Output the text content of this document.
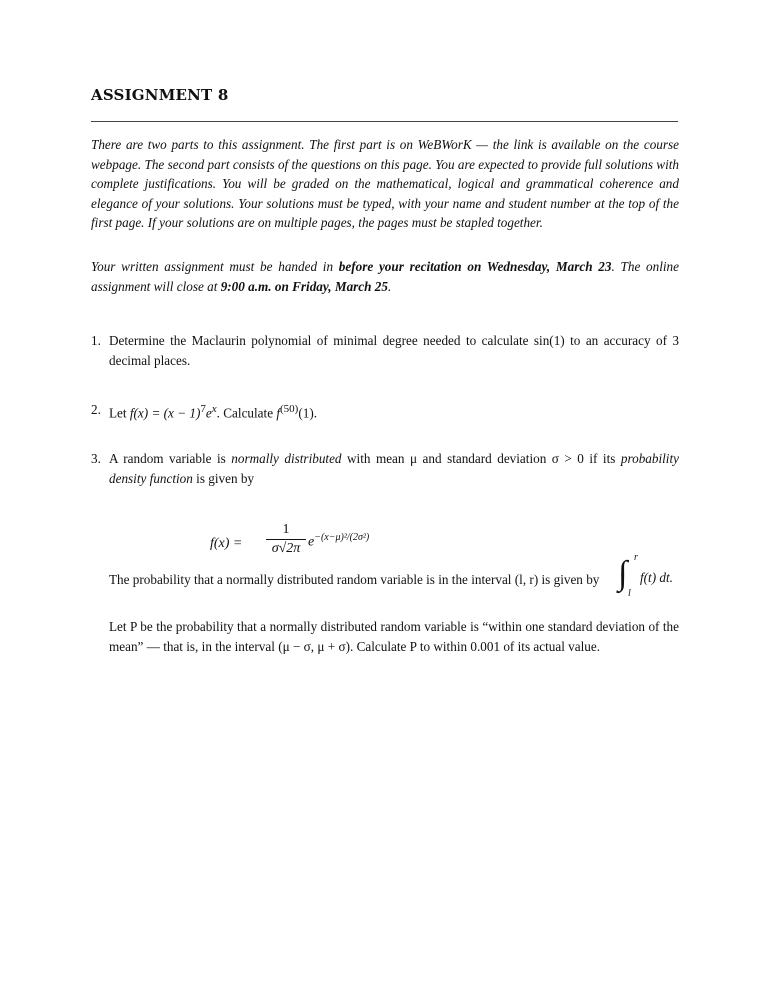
ASSIGNMENT 8

There are two parts to this assignment. The first part is on WeBWorK — the link is available on the course webpage. The second part consists of the questions on this page. You are expected to provide full solutions with complete justifications. You will be graded on the mathematical, logical and grammatical coherence and elegance of your solutions. Your solutions must be typed, with your name and student number at the top of the first page. If your solutions are on multiple pages, the pages must be stapled together.

Your written assignment must be handed in before your recitation on Wednesday, March 23. The online assignment will close at 9:00 a.m. on Friday, March 25.

1. Determine the Maclaurin polynomial of minimal degree needed to calculate sin(1) to an accuracy of 3 decimal places.
2. Let $f(x) = (x - 1)^7e^x$. Calculate $f^{(50)}(1)$.
3. A random variable is normally distributed with mean μ and standard deviation σ > 0 if its probability density function is given by
$f(x) = \frac{1}{\sigma√2\pi} e^{-(x-\mu)^2/(2\sigma^2)}$
The probability that a normally distributed random variable is in the interval (l, r) is given by ∫ r
l
f(t) dt.

Let P be the probability that a normally distributed random variable is “within one standard deviation of the mean” — that is, in the interval (μ − σ, μ + σ). Calculate P to within 0.001 of its actual value.
